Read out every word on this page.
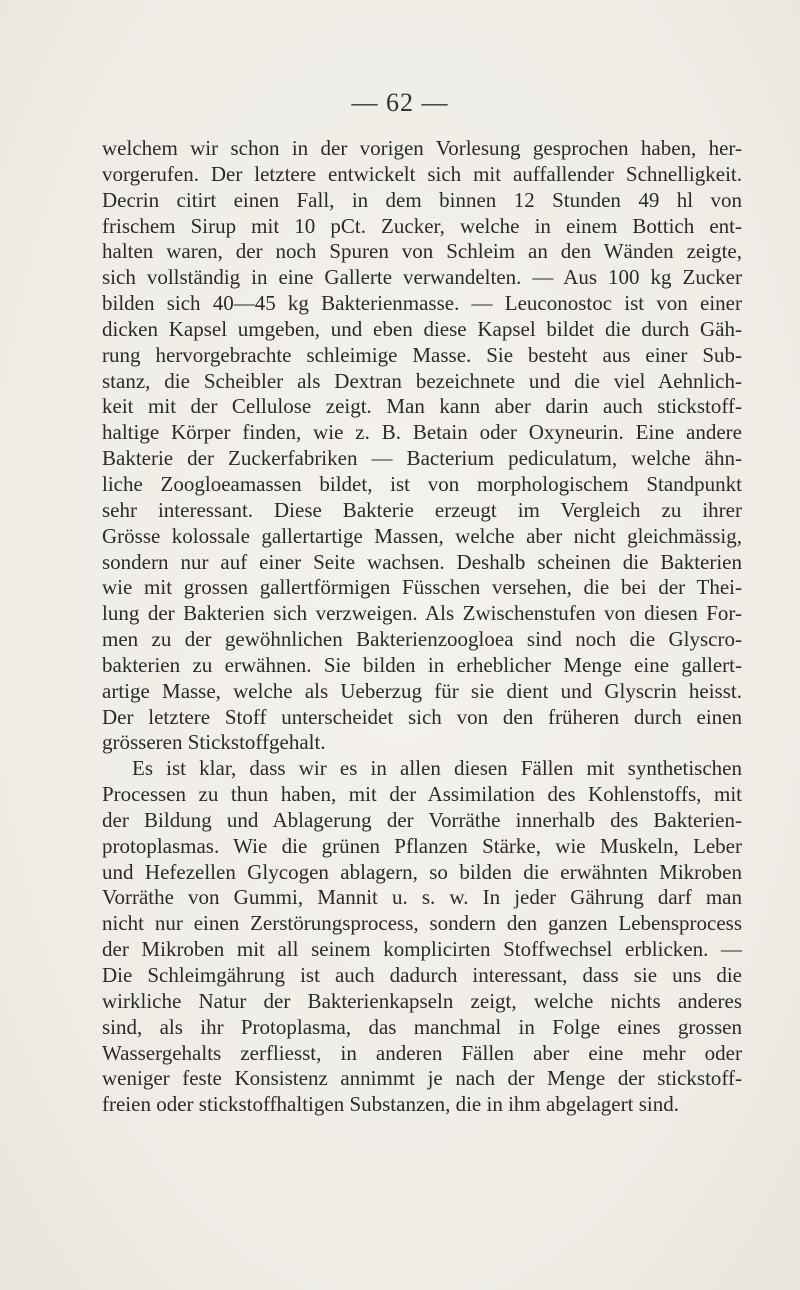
— 62 —
welchem wir schon in der vorigen Vorlesung gesprochen haben, her-
vorgerufen. Der letztere entwickelt sich mit auffallender Schnelligkeit.
Decrin citirt einen Fall, in dem binnen 12 Stunden 49 hl von
frischem Sirup mit 10 pCt. Zucker, welche in einem Bottich ent-
halten waren, der noch Spuren von Schleim an den Wänden zeigte,
sich vollständig in eine Gallerte verwandelten. — Aus 100 kg Zucker
bilden sich 40—45 kg Bakterienmasse. — Leuconostoc ist von einer
dicken Kapsel umgeben, und eben diese Kapsel bildet die durch Gäh-
rung hervorgebrachte schleimige Masse. Sie besteht aus einer Sub-
stanz, die Scheibler als Dextran bezeichnete und die viel Aehnlich-
keit mit der Cellulose zeigt. Man kann aber darin auch stickstoff-
haltige Körper finden, wie z. B. Betain oder Oxyneurin. Eine andere
Bakterie der Zuckerfabriken — Bacterium pediculatum, welche ähn-
liche Zoogloeamassen bildet, ist von morphologischem Standpunkt
sehr interessant. Diese Bakterie erzeugt im Vergleich zu ihrer
Grösse kolossale gallertartige Massen, welche aber nicht gleichmässig,
sondern nur auf einer Seite wachsen. Deshalb scheinen die Bakterien
wie mit grossen gallertförmigen Füsschen versehen, die bei der Thei-
lung der Bakterien sich verzweigen. Als Zwischenstufen von diesen For-
men zu der gewöhnlichen Bakterienzoogloea sind noch die Glyscro-
bakterien zu erwähnen. Sie bilden in erheblicher Menge eine gallert-
artige Masse, welche als Ueberzug für sie dient und Glyscrin heisst.
Der letztere Stoff unterscheidet sich von den früheren durch einen
grösseren Stickstoffgehalt.
Es ist klar, dass wir es in allen diesen Fällen mit synthetischen
Processen zu thun haben, mit der Assimilation des Kohlenstoffs, mit
der Bildung und Ablagerung der Vorräthe innerhalb des Bakterien-
protoplasmas. Wie die grünen Pflanzen Stärke, wie Muskeln, Leber
und Hefezellen Glycogen ablagern, so bilden die erwähnten Mikroben
Vorräthe von Gummi, Mannit u. s. w. In jeder Gährung darf man
nicht nur einen Zerstörungsprocess, sondern den ganzen Lebensprocess
der Mikroben mit all seinem komplicirten Stoffwechsel erblicken. —
Die Schleimgährung ist auch dadurch interessant, dass sie uns die
wirkliche Natur der Bakterienkapseln zeigt, welche nichts anderes
sind, als ihr Protoplasma, das manchmal in Folge eines grossen
Wassergehalts zerfliesst, in anderen Fällen aber eine mehr oder
weniger feste Konsistenz annimmt je nach der Menge der stickstoff-
freien oder stickstoffhaltigen Substanzen, die in ihm abgelagert sind.
